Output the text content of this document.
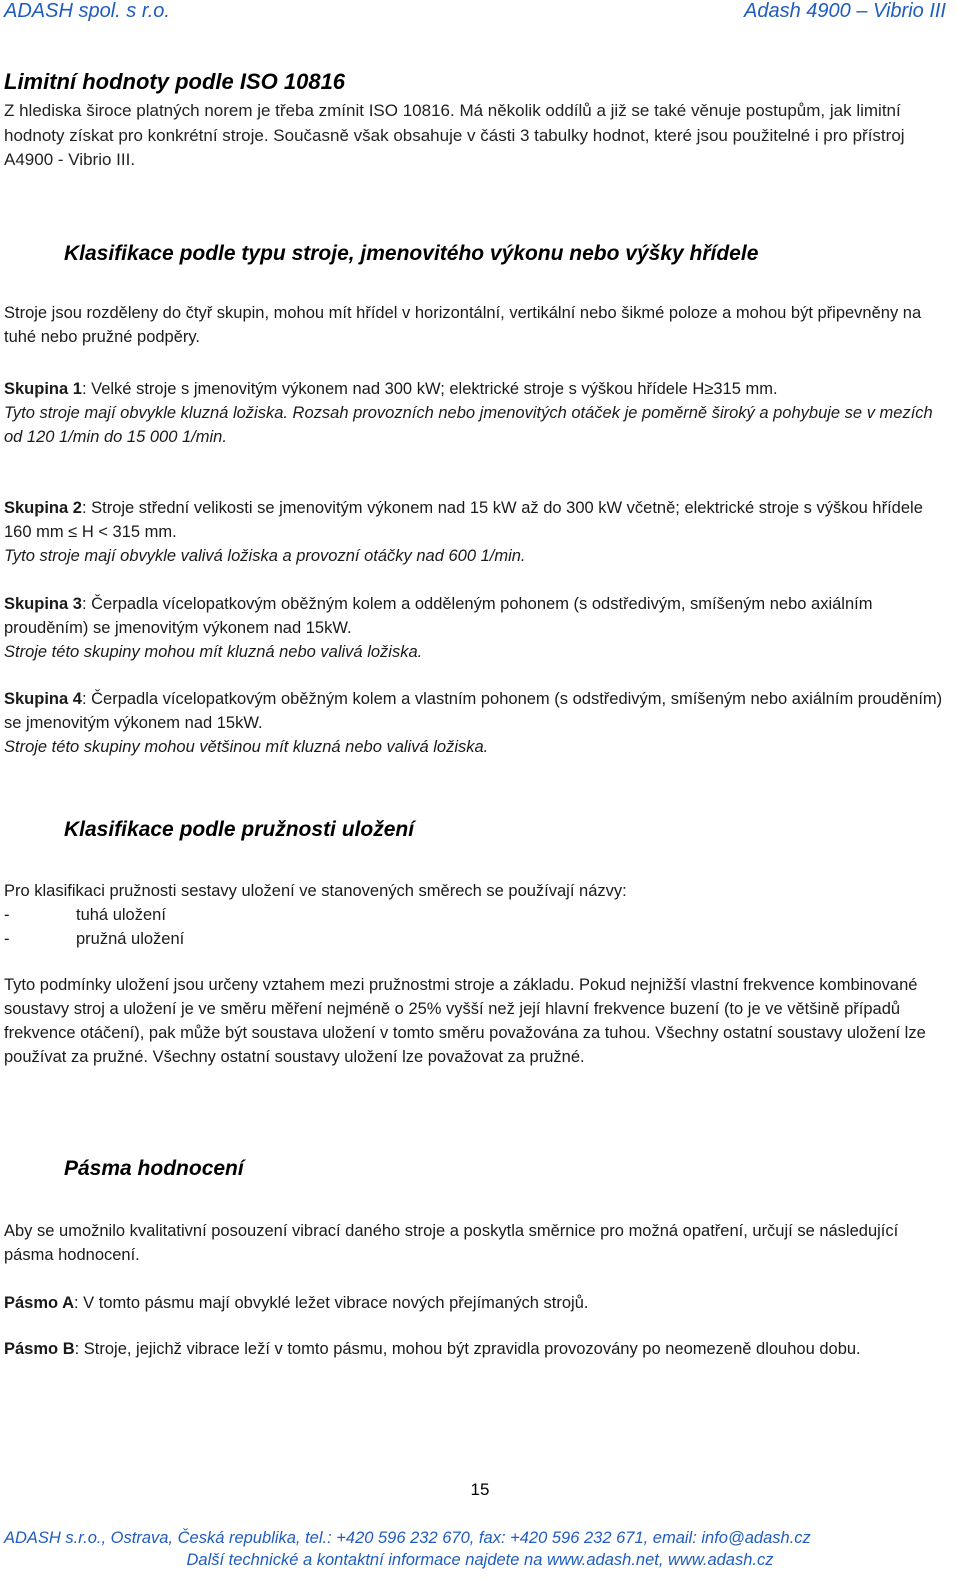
ADASH spol. s r.o.	Adash 4900 – Vibrio III
Limitní hodnoty podle ISO 10816
Z hlediska široce platných norem je třeba zmínit ISO 10816. Má několik oddílů a již se také věnuje postupům, jak limitní hodnoty získat pro konkrétní stroje. Současně však obsahuje v části 3 tabulky hodnot, které jsou použitelné i pro přístroj A4900 - Vibrio III.
Klasifikace podle typu stroje, jmenovitého výkonu nebo výšky hřídele
Stroje jsou rozděleny do čtyř skupin, mohou mít hřídel v horizontální, vertikální nebo šikmé poloze a mohou být připevněny na tuhé nebo pružné podpěry.
Skupina 1: Velké stroje s jmenovitým výkonem nad 300 kW; elektrické stroje s výškou hřídele H≥315 mm.
Tyto stroje mají obvykle kluzná ložiska. Rozsah provozních nebo jmenovitých otáček je poměrně široký a pohybuje se v mezích od 120 1/min do 15 000 1/min.
Skupina 2: Stroje střední velikosti se jmenovitým výkonem nad 15 kW až do 300 kW včetně; elektrické stroje s výškou hřídele 160 mm ≤ H < 315 mm.
Tyto stroje mají obvykle valivá ložiska a provozní otáčky nad 600 1/min.
Skupina 3: Čerpadla vícelopatkovým oběžným kolem a odděleným pohonem (s odstředivým, smíšeným nebo axiálním prouděním) se jmenovitým výkonem nad 15kW.
Stroje této skupiny mohou mít kluzná nebo valivá ložiska.
Skupina 4: Čerpadla vícelopatkovým oběžným kolem a vlastním pohonem (s odstředivým, smíšeným nebo axiálním prouděním) se jmenovitým výkonem nad 15kW.
Stroje této skupiny mohou většinou mít kluzná nebo valivá ložiska.
Klasifikace podle pružnosti uložení
Pro klasifikaci pružnosti sestavy uložení ve stanovených směrech se používají názvy:
-	tuhá uložení
-	pružná uložení
Tyto podmínky uložení jsou určeny vztahem mezi pružnostmi stroje a základu. Pokud nejnižší vlastní frekvence kombinované soustavy stroj a uložení je ve směru měření nejméně o 25% vyšší než její hlavní frekvence buzení (to je ve většině případů frekvence otáčení), pak může být soustava uložení v tomto směru považována za tuhou. Všechny ostatní soustavy uložení lze používat za pružné. Všechny ostatní soustavy uložení lze považovat za pružné.
Pásma hodnocení
Aby se umožnilo kvalitativní posouzení vibrací daného stroje a poskytla směrnice pro možná opatření, určují se následující pásma hodnocení.
Pásmo A: V tomto pásmu mají obvyklé ležet vibrace nových přejímaných strojů.
Pásmo B: Stroje, jejichž vibrace leží v tomto pásmu, mohou být zpravidla provozovány po neomezeně dlouhou dobu.
15
ADASH s.r.o., Ostrava, Česká republika, tel.: +420 596 232 670, fax: +420 596 232 671, email: info@adash.cz
Další technické a kontaktní informace najdete na www.adash.net, www.adash.cz
